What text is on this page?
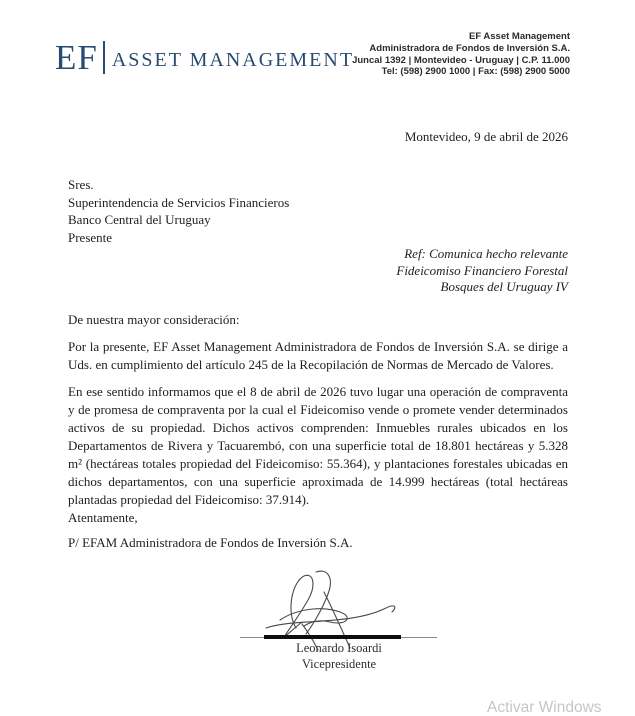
EF ASSET MANAGEMENT
EF Asset Management
Administradora de Fondos de Inversión S.A.
Juncal 1392 | Montevideo - Uruguay | C.P. 11.000
Tel: (598) 2900 1000 | Fax: (598) 2900 5000
Montevideo, 9 de abril de 2026
Sres.
Superintendencia de Servicios Financieros
Banco Central del Uruguay
Presente
Ref: Comunica hecho relevante
Fideicomiso Financiero Forestal
Bosques del Uruguay IV
De nuestra mayor consideración:
Por la presente, EF Asset Management Administradora de Fondos de Inversión S.A. se dirige a Uds. en cumplimiento del artículo 245 de la Recopilación de Normas de Mercado de Valores.
En ese sentido informamos que el 8 de abril de 2026 tuvo lugar una operación de compraventa y de promesa de compraventa por la cual el Fideicomiso vende o promete vender determinados activos de su propiedad. Dichos activos comprenden: Inmuebles rurales ubicados en los Departamentos de Rivera y Tacuarembó, con una superficie total de 18.801 hectáreas y 5.328 m² (hectáreas totales propiedad del Fideicomiso: 55.364), y plantaciones forestales ubicadas en dichos departamentos, con una superficie aproximada de 14.999 hectáreas (total hectáreas plantadas propiedad del Fideicomiso: 37.914).
Atentamente,
P/ EFAM Administradora de Fondos de Inversión S.A.
Leonardo Isoardi
Vicepresidente
Activar Windows
